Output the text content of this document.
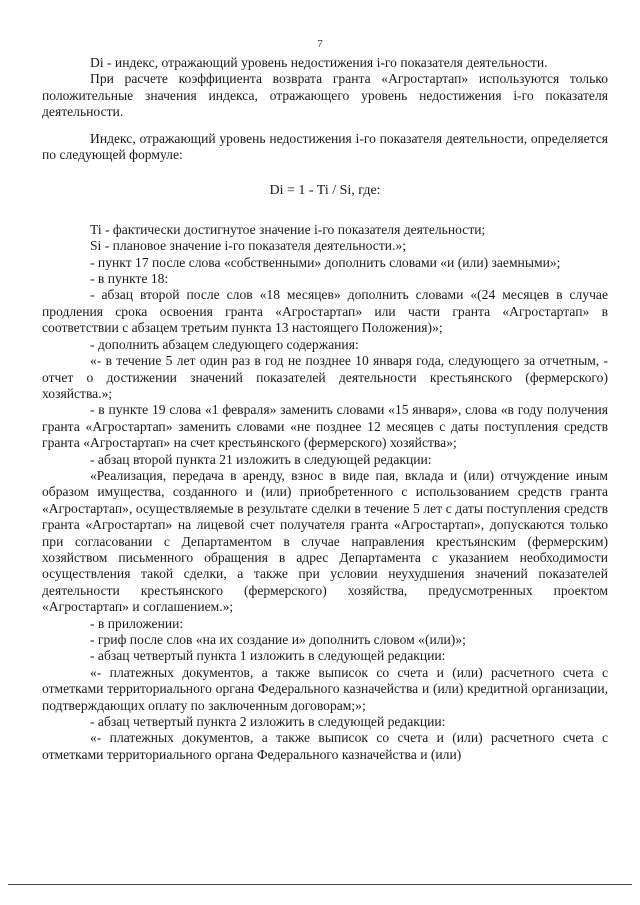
7

Di - индекс, отражающий уровень недостижения i-го показателя деятельности.

При расчете коэффициента возврата гранта «Агростартап» используются только положительные значения индекса, отражающего уровень недостижения i-го показателя деятельности.

Индекс, отражающий уровень недостижения i-го показателя деятельности, определяется по следующей формуле:

Di = 1 - Ti / Si, где:

Ti - фактически достигнутое значение i-го показателя деятельности;

Si - плановое значение i-го показателя деятельности.»;

- пункт 17 после слова «собственными» дополнить словами «и (или) заемными»;

- в пункте 18:

- абзац второй после слов «18 месяцев» дополнить словами «(24 месяцев в случае продления срока освоения гранта «Агростартап» или части гранта «Агростартап» в соответствии с абзацем третьим пункта 13 настоящего Положения)»;

- дополнить абзацем следующего содержания:

«- в течение 5 лет один раз в год не позднее 10 января года, следующего за отчетным, - отчет о достижении значений показателей деятельности крестьянского (фермерского) хозяйства.»;

- в пункте 19 слова «1 февраля» заменить словами «15 января», слова «в году получения гранта «Агростартап» заменить словами «не позднее 12 месяцев с даты поступления средств гранта «Агростартап» на счет крестьянского (фермерского) хозяйства»;

- абзац второй пункта 21 изложить в следующей редакции:

«Реализация, передача в аренду, взнос в виде пая, вклада и (или) отчуждение иным образом имущества, созданного и (или) приобретенного с использованием средств гранта «Агростартап», осуществляемые в результате сделки в течение 5 лет с даты поступления средств гранта «Агростартап» на лицевой счет получателя гранта «Агростартап», допускаются только при согласовании с Департаментом в случае направления крестьянским (фермерским) хозяйством письменного обращения в адрес Департамента с указанием необходимости осуществления такой сделки, а также при условии неухудшения значений показателей деятельности крестьянского (фермерского) хозяйства, предусмотренных проектом «Агростартап» и соглашением.»;

- в приложении:

- гриф после слов «на их создание и» дополнить словом «(или)»;

- абзац четвертый пункта 1 изложить в следующей редакции:

«- платежных документов, а также выписок со счета и (или) расчетного счета с отметками территориального органа Федерального казначейства и (или) кредитной организации, подтверждающих оплату по заключенным договорам;»;

- абзац четвертый пункта 2 изложить в следующей редакции:

«- платежных документов, а также выписок со счета и (или) расчетного счета с отметками территориального органа Федерального казначейства и (или)
